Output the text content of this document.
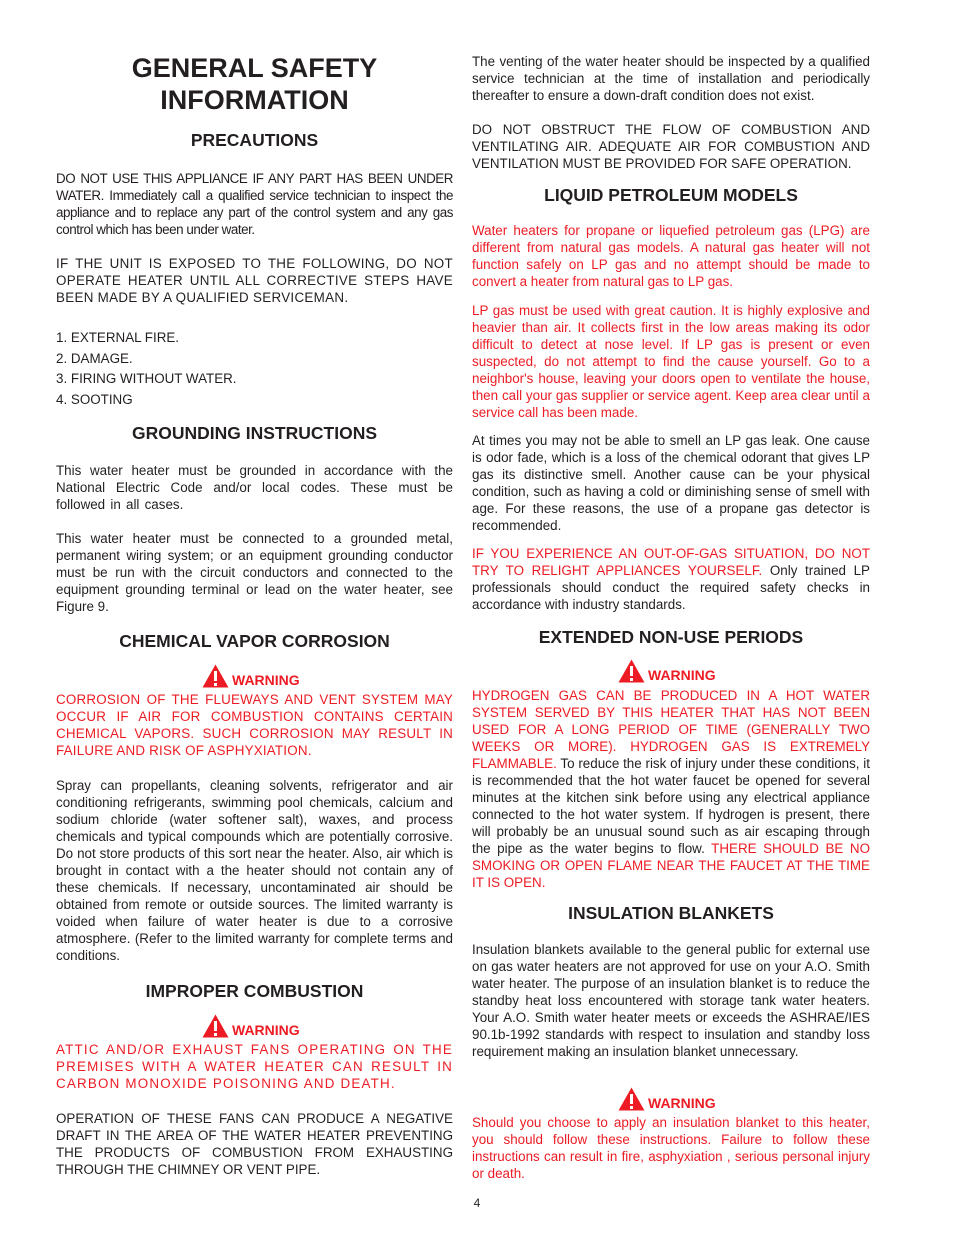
GENERAL SAFETY
INFORMATION
PRECAUTIONS

DO NOT USE THIS APPLIANCE IF ANY PART HAS BEEN UNDER WATER. Immediately call a qualified service technician to inspect the appliance and to replace any part of the control system and any gas control which has been under water.

IF THE UNIT IS EXPOSED TO THE FOLLOWING, DO NOT OPERATE HEATER UNTIL ALL CORRECTIVE STEPS HAVE BEEN MADE BY A QUALIFIED SERVICEMAN.

1. EXTERNAL FIRE.
2. DAMAGE.
3. FIRING WITHOUT WATER.
4. SOOTING
GROUNDING INSTRUCTIONS

This water heater must be grounded in accordance with the National Electric Code and/or local codes. These must be followed in all cases.

This water heater must be connected to a grounded metal, permanent wiring system; or an equipment grounding conductor must be run with the circuit conductors and connected to the equipment grounding terminal or lead on the water heater, see Figure 9.

CHEMICAL VAPOR CORROSION
WARNING

CORROSION OF THE FLUEWAYS AND VENT SYSTEM MAY OCCUR IF AIR FOR COMBUSTION CONTAINS CERTAIN CHEMICAL VAPORS. SUCH CORROSION MAY RESULT IN FAILURE AND RISK OF ASPHYXIATION.

Spray can propellants, cleaning solvents, refrigerator and air conditioning refrigerants, swimming pool chemicals, calcium and sodium chloride (water softener salt), waxes, and process chemicals and typical compounds which are potentially corrosive. Do not store products of this sort near the heater. Also, air which is brought in contact with a the heater should not contain any of these chemicals. If necessary, uncontaminated air should be obtained from remote or outside sources. The limited warranty is voided when failure of water heater is due to a corrosive atmosphere. (Refer to the limited warranty for complete terms and conditions.

IMPROPER COMBUSTION
WARNING

ATTIC AND/OR EXHAUST FANS OPERATING ON THE PREMISES WITH A WATER HEATER CAN RESULT IN CARBON MONOXIDE POISONING AND DEATH.

OPERATION OF THESE FANS CAN PRODUCE A NEGATIVE DRAFT IN THE AREA OF THE WATER HEATER PREVENTING THE PRODUCTS OF COMBUSTION FROM EXHAUSTING THROUGH THE CHIMNEY OR VENT PIPE.

The venting of the water heater should be inspected by a qualified service technician at the time of installation and periodically thereafter to ensure a down-draft condition does not exist.

DO NOT OBSTRUCT THE FLOW OF COMBUSTION AND VENTILATING AIR. ADEQUATE AIR FOR COMBUSTION AND VENTILATION MUST BE PROVIDED FOR SAFE OPERATION.

LIQUID PETROLEUM MODELS

Water heaters for propane or liquefied petroleum gas (LPG) are different from natural gas models. A natural gas heater will not function safely on LP gas and no attempt should be made to convert a heater from natural gas to LP gas.

LP gas must be used with great caution. It is highly explosive and heavier than air. It collects first in the low areas making its odor difficult to detect at nose level. If LP gas is present or even suspected, do not attempt to find the cause yourself. Go to a neighbor's house, leaving your doors open to ventilate the house, then call your gas supplier or service agent. Keep area clear until a service call has been made.

At times you may not be able to smell an LP gas leak. One cause is odor fade, which is a loss of the chemical odorant that gives LP gas its distinctive smell. Another cause can be your physical condition, such as having a cold or diminishing sense of smell with age. For these reasons, the use of a propane gas detector is recommended.

IF YOU EXPERIENCE AN OUT-OF-GAS SITUATION, DO NOT TRY TO RELIGHT APPLIANCES YOURSELF. Only trained LP professionals should conduct the required safety checks in accordance with industry standards.

EXTENDED NON-USE PERIODS
WARNING

HYDROGEN GAS CAN BE PRODUCED IN A HOT WATER SYSTEM SERVED BY THIS HEATER THAT HAS NOT BEEN USED FOR A LONG PERIOD OF TIME (GENERALLY TWO WEEKS OR MORE). HYDROGEN GAS IS EXTREMELY FLAMMABLE. To reduce the risk of injury under these conditions, it is recommended that the hot water faucet be opened for several minutes at the kitchen sink before using any electrical appliance connected to the hot water system. If hydrogen is present, there will probably be an unusual sound such as air escaping through the pipe as the water begins to flow. THERE SHOULD BE NO SMOKING OR OPEN FLAME NEAR THE FAUCET AT THE TIME IT IS OPEN.

INSULATION BLANKETS

Insulation blankets available to the general public for external use on gas water heaters are not approved for use on your A.O. Smith water heater. The purpose of an insulation blanket is to reduce the standby heat loss encountered with storage tank water heaters. Your A.O. Smith water heater meets or exceeds the ASHRAE/IES 90.1b-1992 standards with respect to insulation and standby loss requirement making an insulation blanket unnecessary.

WARNING

Should you choose to apply an insulation blanket to this heater, you should follow these instructions. Failure to follow these instructions can result in fire, asphyxiation , serious personal injury or death.

4
